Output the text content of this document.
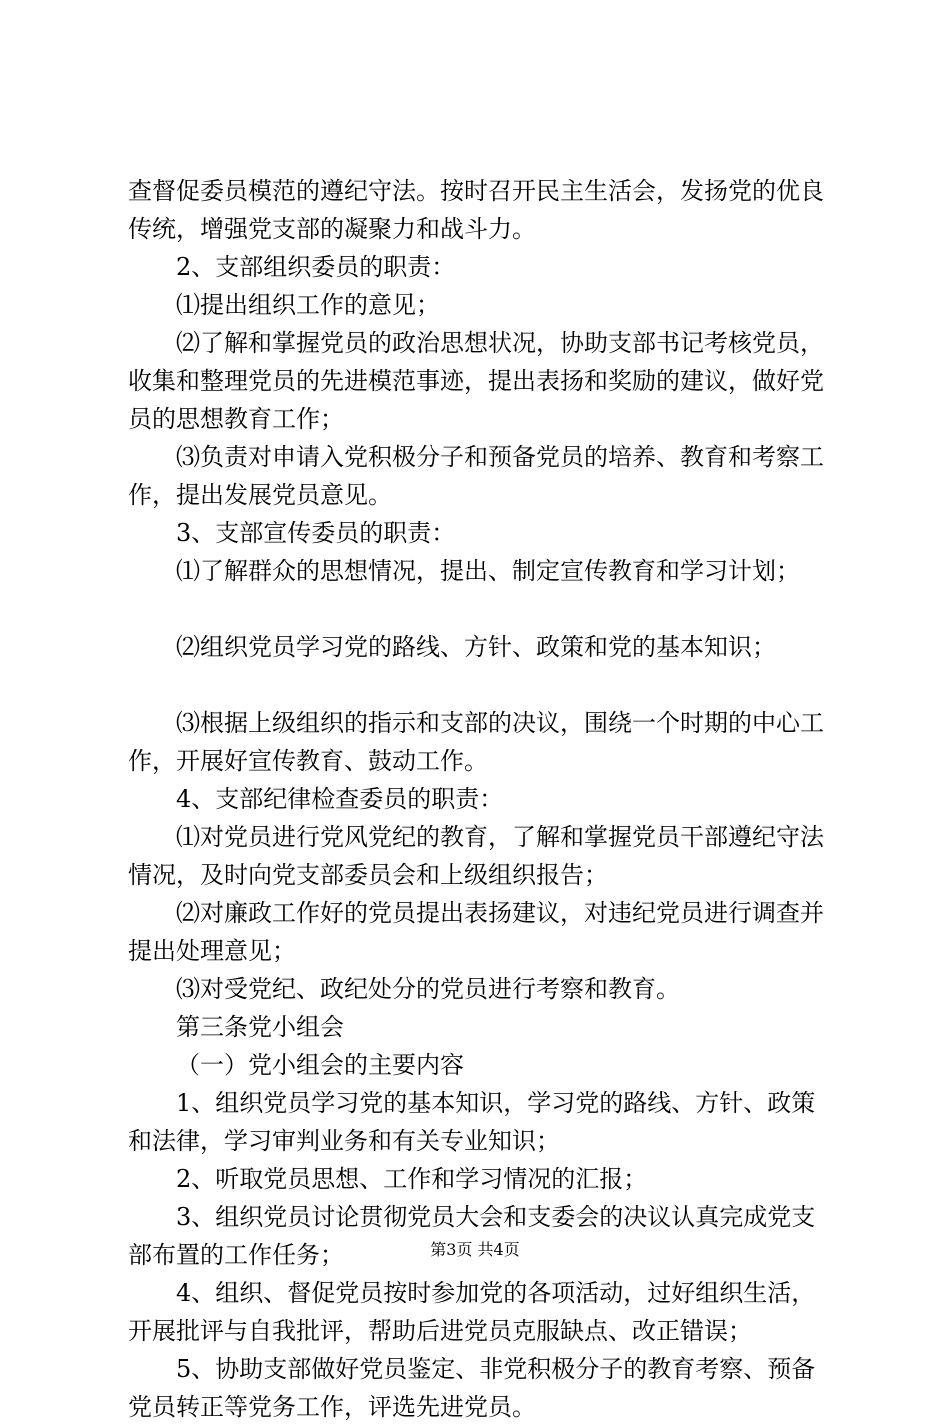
查督促委员模范的遵纪守法。按时召开民主生活会，发扬党的优良传统，增强党支部的凝聚力和战斗力。

2、支部组织委员的职责：

⑴提出组织工作的意见；

⑵了解和掌握党员的政治思想状况，协助支部书记考核党员，收集和整理党员的先进模范事迹，提出表扬和奖励的建议，做好党员的思想教育工作；

⑶负责对申请入党积极分子和预备党员的培养、教育和考察工作，提出发展党员意见。

3、支部宣传委员的职责：

⑴了解群众的思想情况，提出、制定宣传教育和学习计划；

⑵组织党员学习党的路线、方针、政策和党的基本知识；

⑶根据上级组织的指示和支部的决议，围绕一个时期的中心工作，开展好宣传教育、鼓动工作。

4、支部纪律检查委员的职责：

⑴对党员进行党风党纪的教育，了解和掌握党员干部遵纪守法情况，及时向党支部委员会和上级组织报告；

⑵对廉政工作好的党员提出表扬建议，对违纪党员进行调查并提出处理意见；

⑶对受党纪、政纪处分的党员进行考察和教育。

第三条党小组会

（一）党小组会的主要内容

1、组织党员学习党的基本知识，学习党的路线、方针、政策和法律，学习审判业务和有关专业知识；

2、听取党员思想、工作和学习情况的汇报；

3、组织党员讨论贯彻党员大会和支委会的决议认真完成党支部布置的工作任务；

4、组织、督促党员按时参加党的各项活动，过好组织生活，开展批评与自我批评，帮助后进党员克服缺点、改正错误；

5、协助支部做好党员鉴定、非党积极分子的教育考察、预备党员转正等党务工作，评选先进党员。

第3页 共4页
